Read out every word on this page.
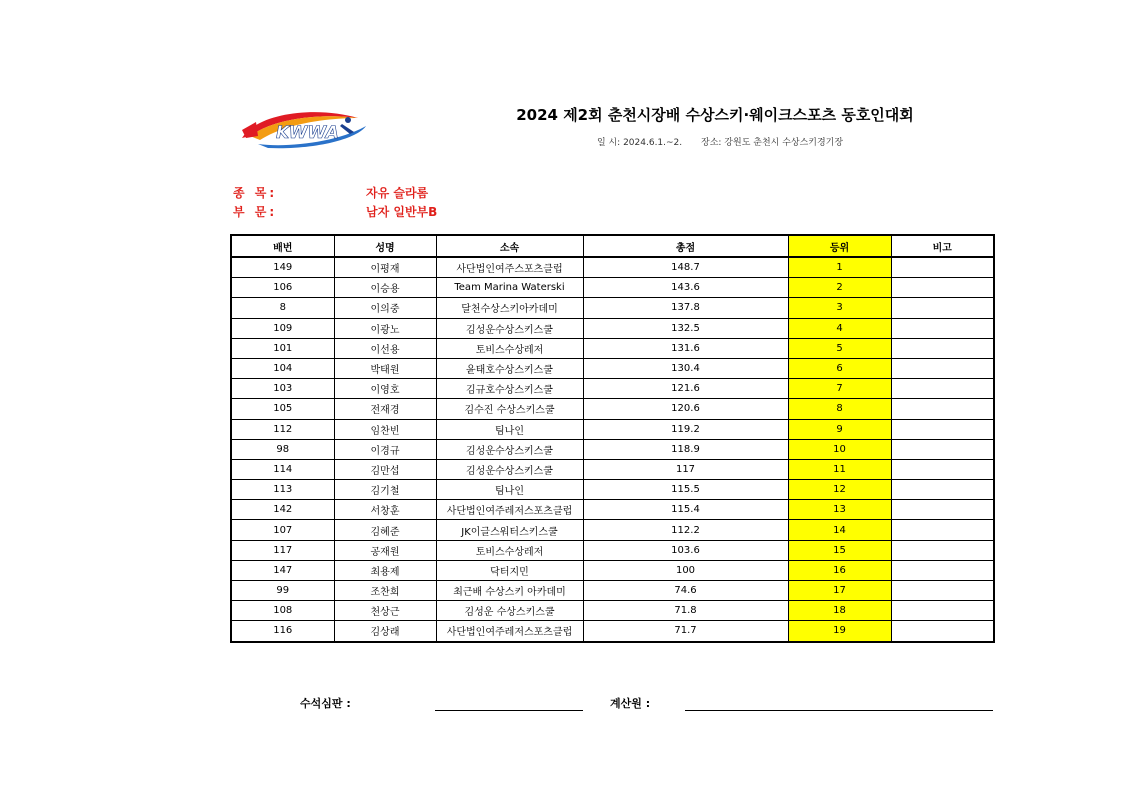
KWWA
2024 제2회 춘천시장배 수상스키·웨이크스포츠 동호인대회
일 시: 2024.6.1.~2. 장소: 강원도 춘천시 수상스키경기장
종 목:	자유 슬라롬
부 문:	남자 일반부B
배번	성명	소속	총점	등위	비고
149	이평재	사단법인여주스포츠클럽	148.7	1	
106	이승용	Team Marina Waterski	143.6	2	
8	이의중	달천수상스키아카데미	137.8	3	
109	이광노	김성운수상스키스쿨	132.5	4	
101	이선용	토비스수상레저	131.6	5	
104	박태원	윤태호수상스키스쿨	130.4	6	
103	이영호	김규호수상스키스쿨	121.6	7	
105	전재경	김수진 수상스키스쿨	120.6	8	
112	임찬빈	팀나인	119.2	9	
98	이경규	김성운수상스키스쿨	118.9	10	
114	김만섭	김성운수상스키스쿨	117	11	
113	김기철	팀나인	115.5	12	
142	서창훈	사단법인여주레저스포츠클럽	115.4	13	
107	김혜준	JK이글스워터스키스쿨	112.2	14	
117	공재원	토비스수상레저	103.6	15	
147	최용제	닥터지민	100	16	
99	조찬희	최근배 수상스키 아카데미	74.6	17	
108	천상근	김성운 수상스키스쿨	71.8	18	
116	김상래	사단법인여주레저스포츠클럽	71.7	19	
수석심판 :	계산원 :
